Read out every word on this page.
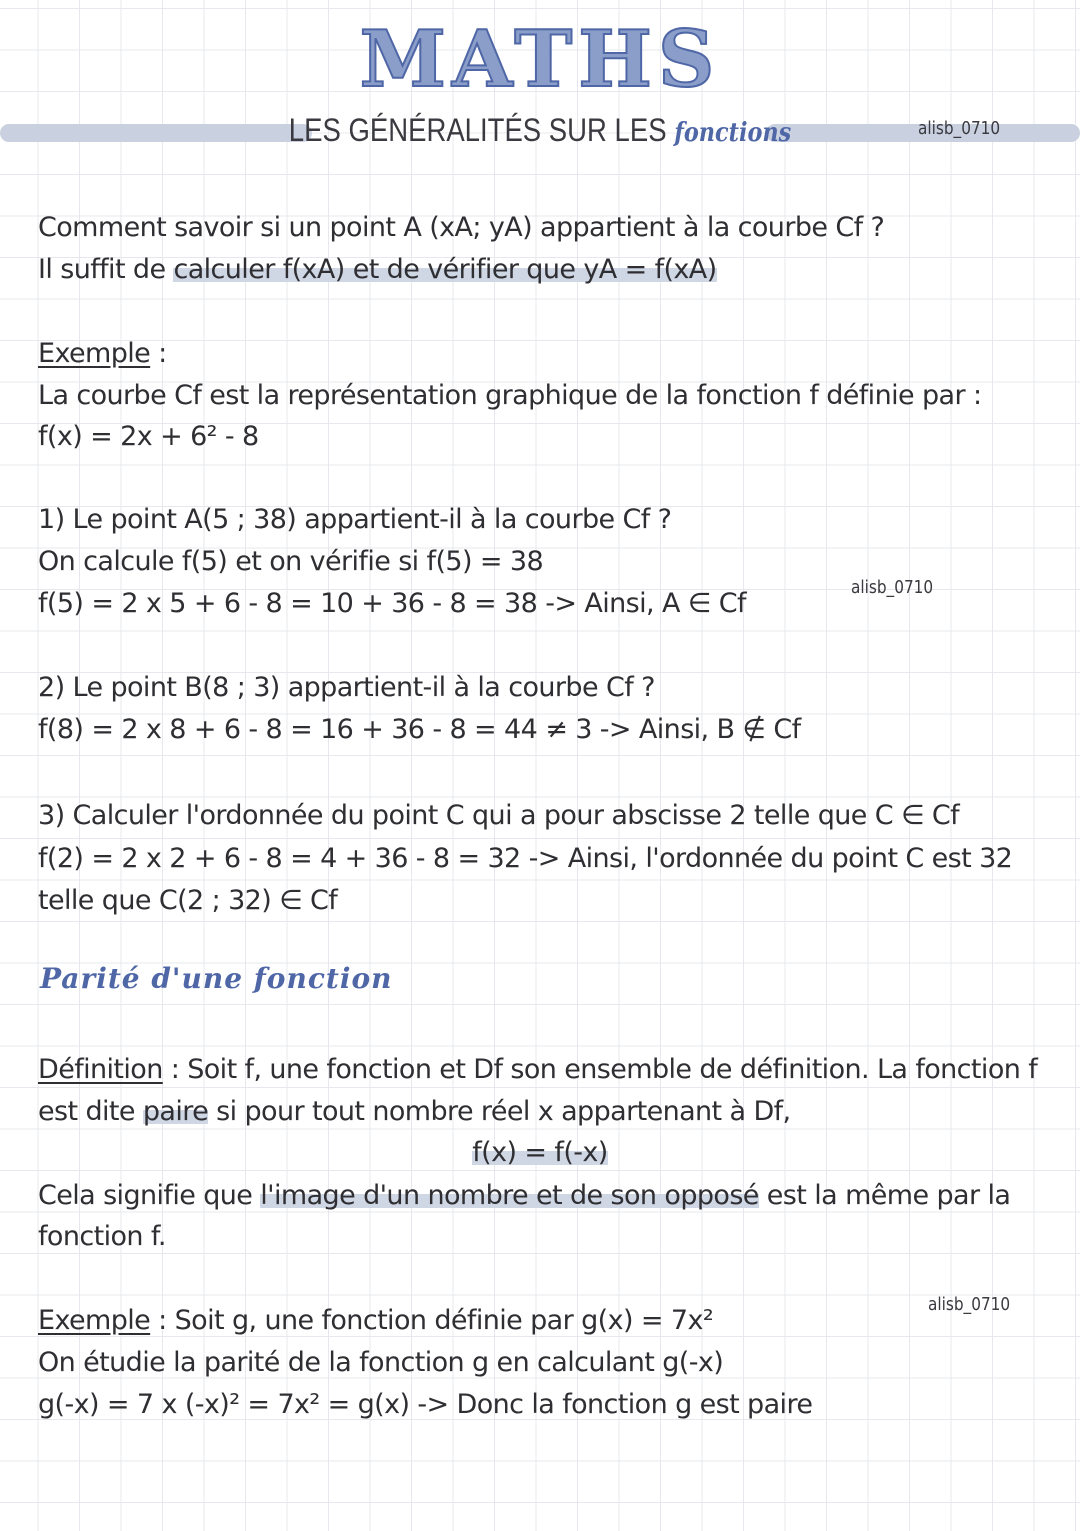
MATHS
LES GÉNÉRALITÉS SUR LES fonctions	alisb_0710
Comment savoir si un point A (xA; yA) appartient à la courbe Cf ?
Il suffit de calculer f(xA) et de vérifier que yA = f(xA)
Exemple :
La courbe Cf est la représentation graphique de la fonction f définie par :
f(x) = 2x + 6² - 8
1) Le point A(5 ; 38) appartient-il à la courbe Cf ?
On calcule f(5) et on vérifie si f(5) = 38
f(5) = 2 x 5 + 6 - 8 = 10 + 36 - 8 = 38 -> Ainsi, A ∈ Cf
alisb_0710
2) Le point B(8 ; 3) appartient-il à la courbe Cf ?
f(8) = 2 x 8 + 6 - 8 = 16 + 36 - 8 = 44 ≠ 3 -> Ainsi, B ∉ Cf
3) Calculer l'ordonnée du point C qui a pour abscisse 2 telle que C ∈ Cf
f(2) = 2 x 2 + 6 - 8 = 4 + 36 - 8 = 32 -> Ainsi, l'ordonnée du point C est 32
telle que C(2 ; 32) ∈ Cf
Parité d'une fonction
Définition : Soit f, une fonction et Df son ensemble de définition. La fonction f
est dite paire si pour tout nombre réel x appartenant à Df,
f(x) = f(-x)
Cela signifie que l'image d'un nombre et de son opposé est la même par la
fonction f.
alisb_0710
Exemple : Soit g, une fonction définie par g(x) = 7x²
On étudie la parité de la fonction g en calculant g(-x)
g(-x) = 7 x (-x)² = 7x² = g(x) -> Donc la fonction g est paire
